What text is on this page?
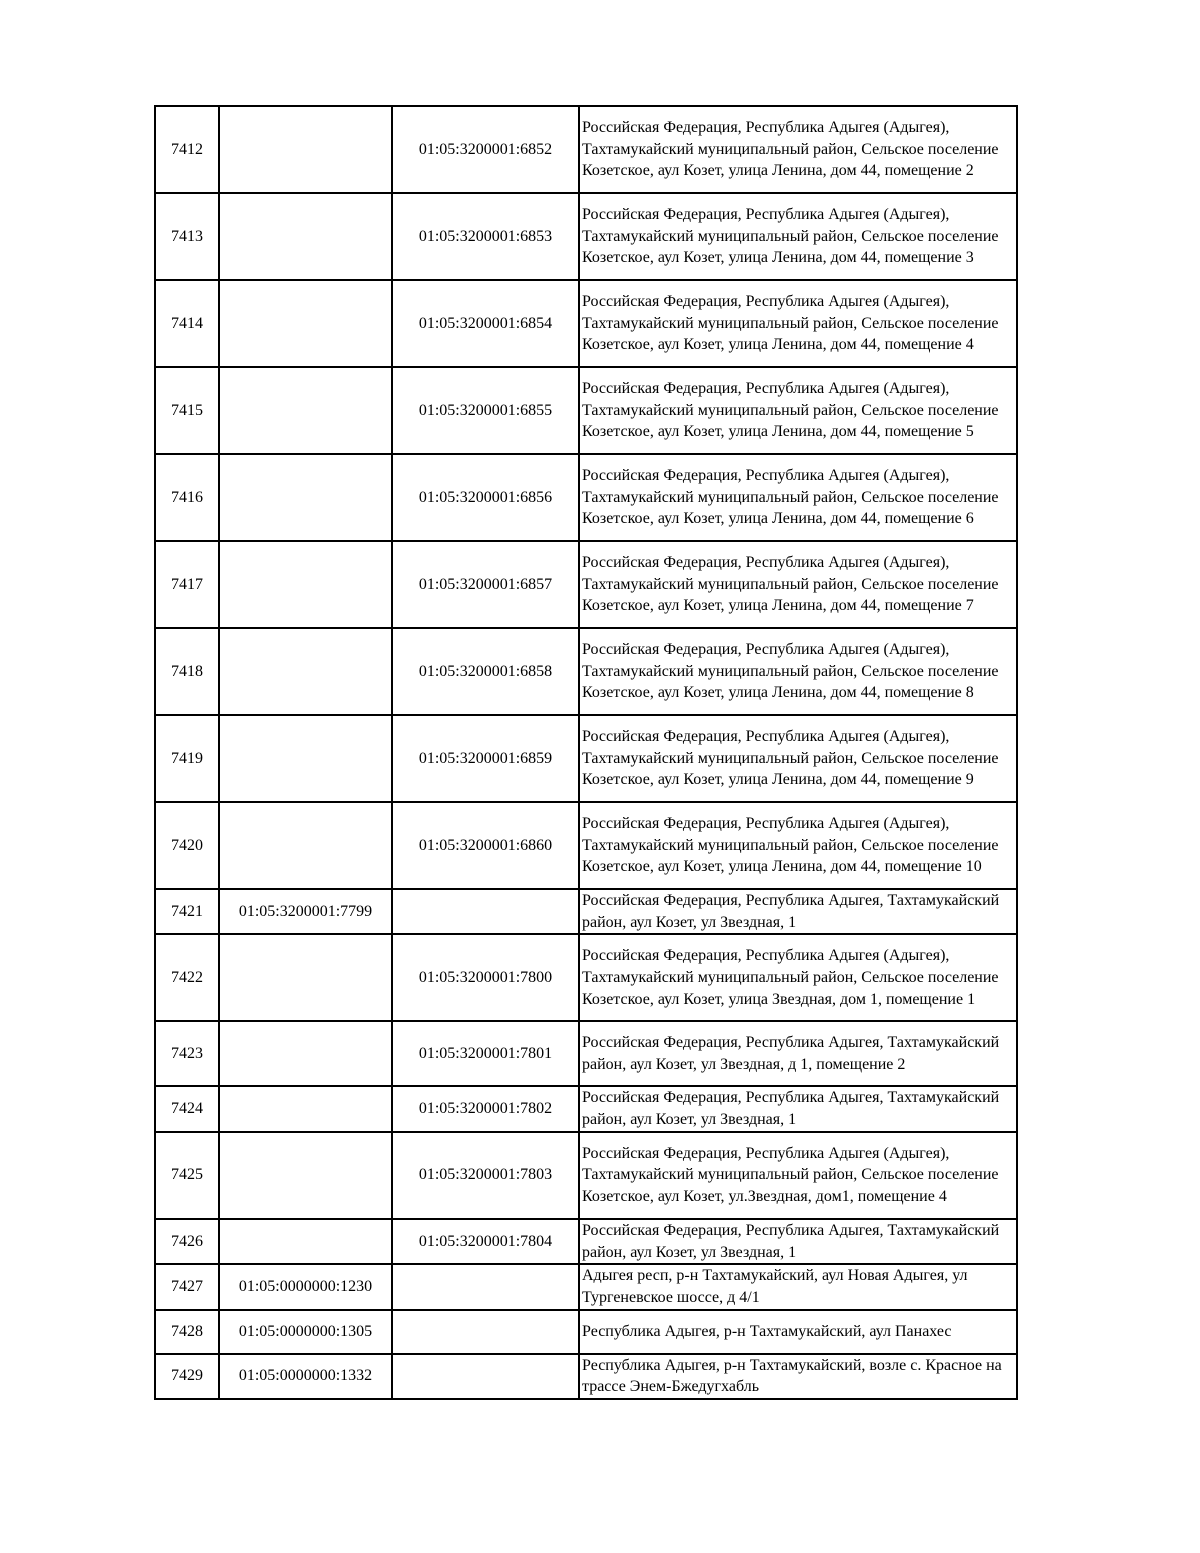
7412		01:05:3200001:6852	Российская Федерация, Республика Адыгея (Адыгея), Тахтамукайский муниципальный район, Сельское поселение Козетское, аул Козет, улица Ленина, дом 44, помещение 2
7413		01:05:3200001:6853	Российская Федерация, Республика Адыгея (Адыгея), Тахтамукайский муниципальный район, Сельское поселение Козетское, аул Козет, улица Ленина, дом 44, помещение 3
7414		01:05:3200001:6854	Российская Федерация, Республика Адыгея (Адыгея), Тахтамукайский муниципальный район, Сельское поселение Козетское, аул Козет, улица Ленина, дом 44, помещение 4
7415		01:05:3200001:6855	Российская Федерация, Республика Адыгея (Адыгея), Тахтамукайский муниципальный район, Сельское поселение Козетское, аул Козет, улица Ленина, дом 44, помещение 5
7416		01:05:3200001:6856	Российская Федерация, Республика Адыгея (Адыгея), Тахтамукайский муниципальный район, Сельское поселение Козетское, аул Козет, улица Ленина, дом 44, помещение 6
7417		01:05:3200001:6857	Российская Федерация, Республика Адыгея (Адыгея), Тахтамукайский муниципальный район, Сельское поселение Козетское, аул Козет, улица Ленина, дом 44, помещение 7
7418		01:05:3200001:6858	Российская Федерация, Республика Адыгея (Адыгея), Тахтамукайский муниципальный район, Сельское поселение Козетское, аул Козет, улица Ленина, дом 44, помещение 8
7419		01:05:3200001:6859	Российская Федерация, Республика Адыгея (Адыгея), Тахтамукайский муниципальный район, Сельское поселение Козетское, аул Козет, улица Ленина, дом 44, помещение 9
7420		01:05:3200001:6860	Российская Федерация, Республика Адыгея (Адыгея), Тахтамукайский муниципальный район, Сельское поселение Козетское, аул Козет, улица Ленина, дом 44, помещение 10
7421	01:05:3200001:7799		Российская Федерация, Республика Адыгея, Тахтамукайский район, аул Козет, ул Звездная, 1
7422		01:05:3200001:7800	Российская Федерация, Республика Адыгея (Адыгея), Тахтамукайский муниципальный район, Сельское поселение Козетское, аул Козет, улица Звездная, дом 1, помещение 1
7423		01:05:3200001:7801	Российская Федерация, Республика Адыгея, Тахтамукайский район, аул Козет, ул Звездная, д 1, помещение 2
7424		01:05:3200001:7802	Российская Федерация, Республика Адыгея, Тахтамукайский район, аул Козет, ул Звездная, 1
7425		01:05:3200001:7803	Российская Федерация, Республика Адыгея (Адыгея), Тахтамукайский муниципальный район, Сельское поселение Козетское, аул Козет, ул.Звездная, дом1, помещение 4
7426		01:05:3200001:7804	Российская Федерация, Республика Адыгея, Тахтамукайский район, аул Козет, ул Звездная, 1
7427	01:05:0000000:1230		Адыгея респ, р-н Тахтамукайский, аул Новая Адыгея, ул Тургеневское шоссе, д 4/1
7428	01:05:0000000:1305		Республика Адыгея, р-н Тахтамукайский, аул Панахес
7429	01:05:0000000:1332		Республика Адыгея, р-н Тахтамукайский, возле с. Красное на трассе Энем-Бжедугхабль
